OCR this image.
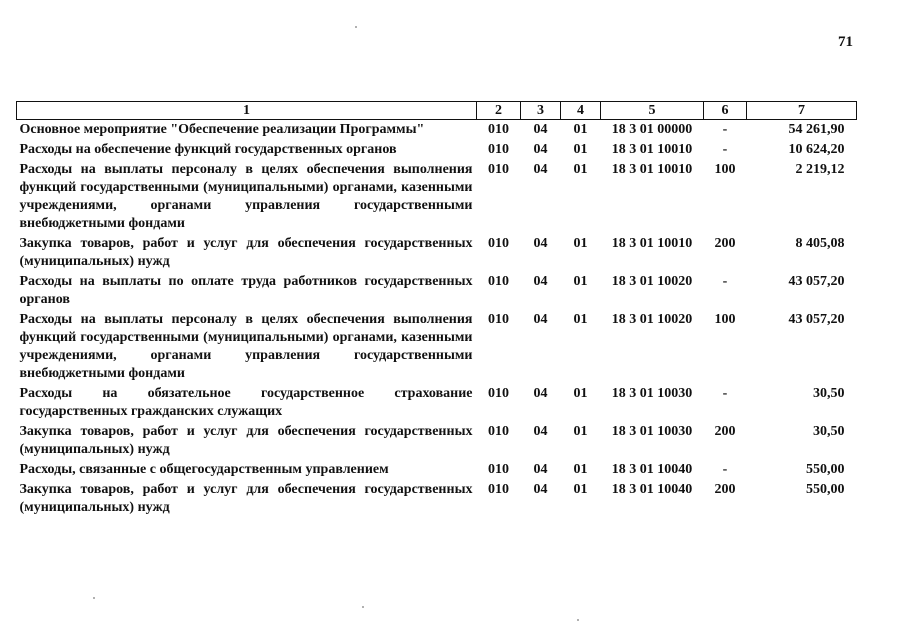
71
1	2	3	4	5	6	7
Основное мероприятие "Обеспечение реализации Программы"	010	04	01	18 3 01 00000	-	54 261,90
Расходы на обеспечение функций государственных органов	010	04	01	18 3 01 10010	-	10 624,20
Расходы на выплаты персоналу в целях обеспечения выполнения функций государственными (муниципальными) органами, казенными учреждениями, органами управления государственными внебюджетными фондами	010	04	01	18 3 01 10010	100	2 219,12
Закупка товаров, работ и услуг для обеспечения государственных (муниципальных) нужд	010	04	01	18 3 01 10010	200	8 405,08
Расходы на выплаты по оплате труда работников государственных органов	010	04	01	18 3 01 10020	-	43 057,20
Расходы на выплаты персоналу в целях обеспечения выполнения функций государственными (муниципальными) органами, казенными учреждениями, органами управления государственными внебюджетными фондами	010	04	01	18 3 01 10020	100	43 057,20
Расходы на обязательное государственное страхование государственных гражданских служащих	010	04	01	18 3 01 10030	-	30,50
Закупка товаров, работ и услуг для обеспечения государственных (муниципальных) нужд	010	04	01	18 3 01 10030	200	30,50
Расходы, связанные с общегосударственным управлением	010	04	01	18 3 01 10040	-	550,00
Закупка товаров, работ и услуг для обеспечения государственных (муниципальных) нужд	010	04	01	18 3 01 10040	200	550,00
